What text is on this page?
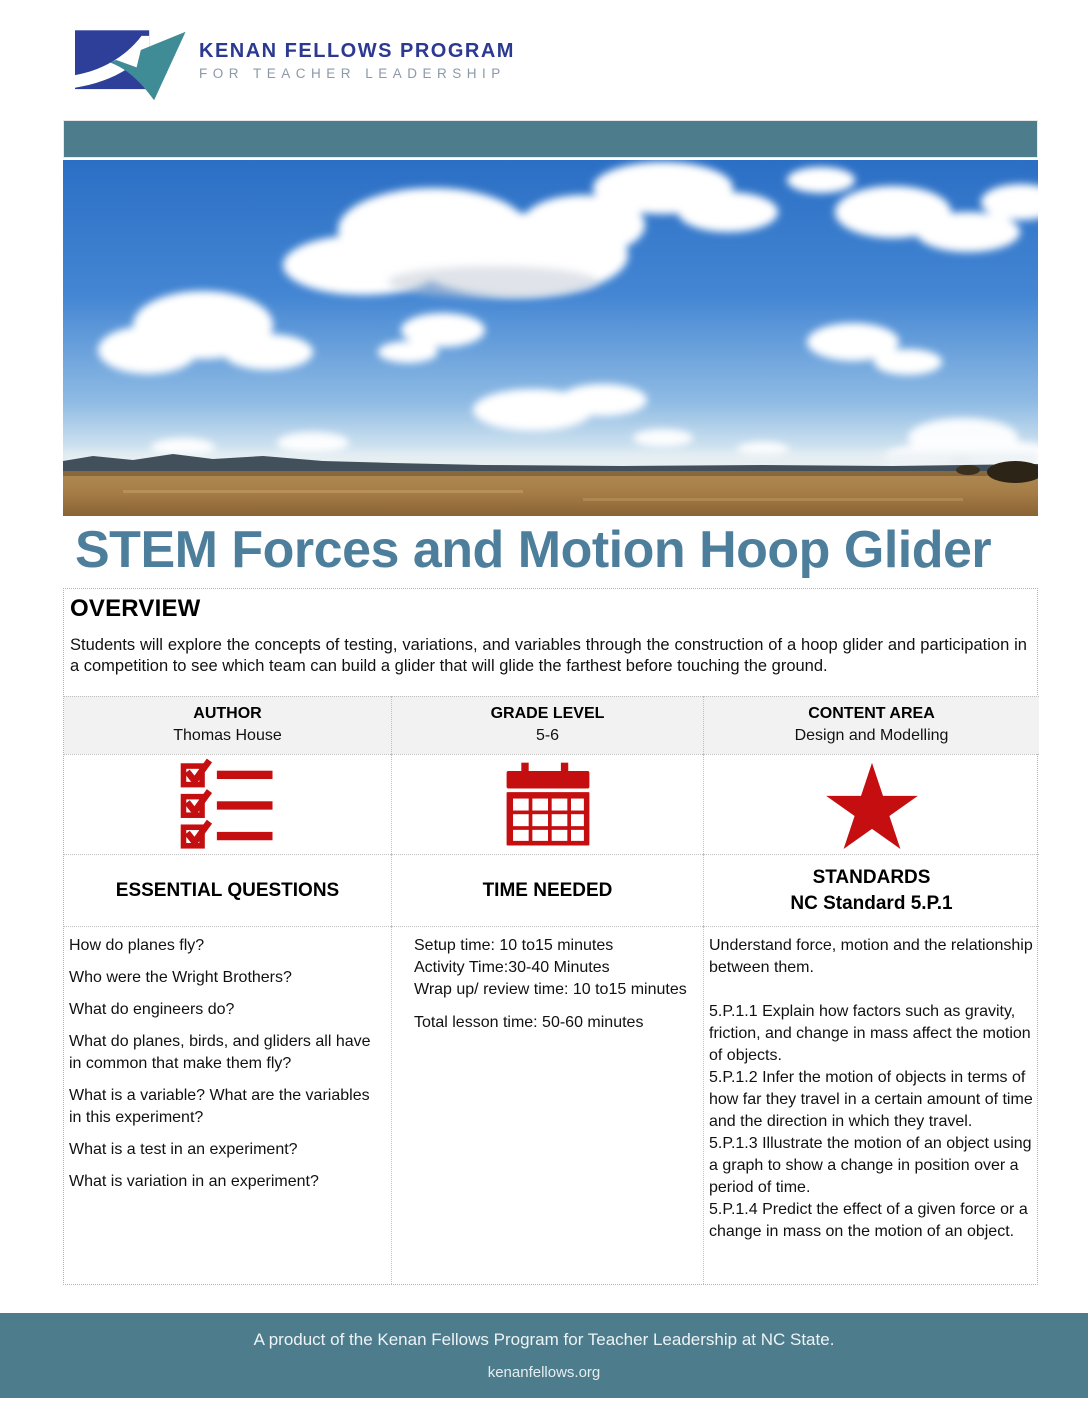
KENAN FELLOWS PROGRAM
FOR TEACHER LEADERSHIP
STEM Forces and Motion Hoop Glider
OVERVIEW

Students will explore the concepts of testing, variations, and variables through the construction of a hoop glider and participation in a competition to see which team can build a glider that will glide the farthest before touching the ground.

AUTHOR
Thomas House
GRADE LEVEL
5-6
CONTENT AREA
Design and Modelling
ESSENTIAL QUESTIONS	TIME NEEDED
STANDARDS
NC Standard 5.P.1

How do planes fly?

Who were the Wright Brothers?

What do engineers do?

What do planes, birds, and gliders all have in common that make them fly?

What is a variable? What are the variables in this experiment?

What is a test in an experiment?

What is variation in an experiment?

Setup time: 10 to15 minutes

Activity Time:30-40 Minutes

Wrap up/ review time: 10 to15 minutes

Total lesson time: 50-60 minutes

Understand force, motion and the relationship between them.

5.P.1.1 Explain how factors such as gravity, friction, and change in mass affect the motion of objects.

5.P.1.2 Infer the motion of objects in terms of how far they travel in a certain amount of time and the direction in which they travel.

5.P.1.3 Illustrate the motion of an object using a graph to show a change in position over a period of time.

5.P.1.4 Predict the effect of a given force or a change in mass on the motion of an object.

A product of the Kenan Fellows Program for Teacher Leadership at NC State.
kenanfellows.org
